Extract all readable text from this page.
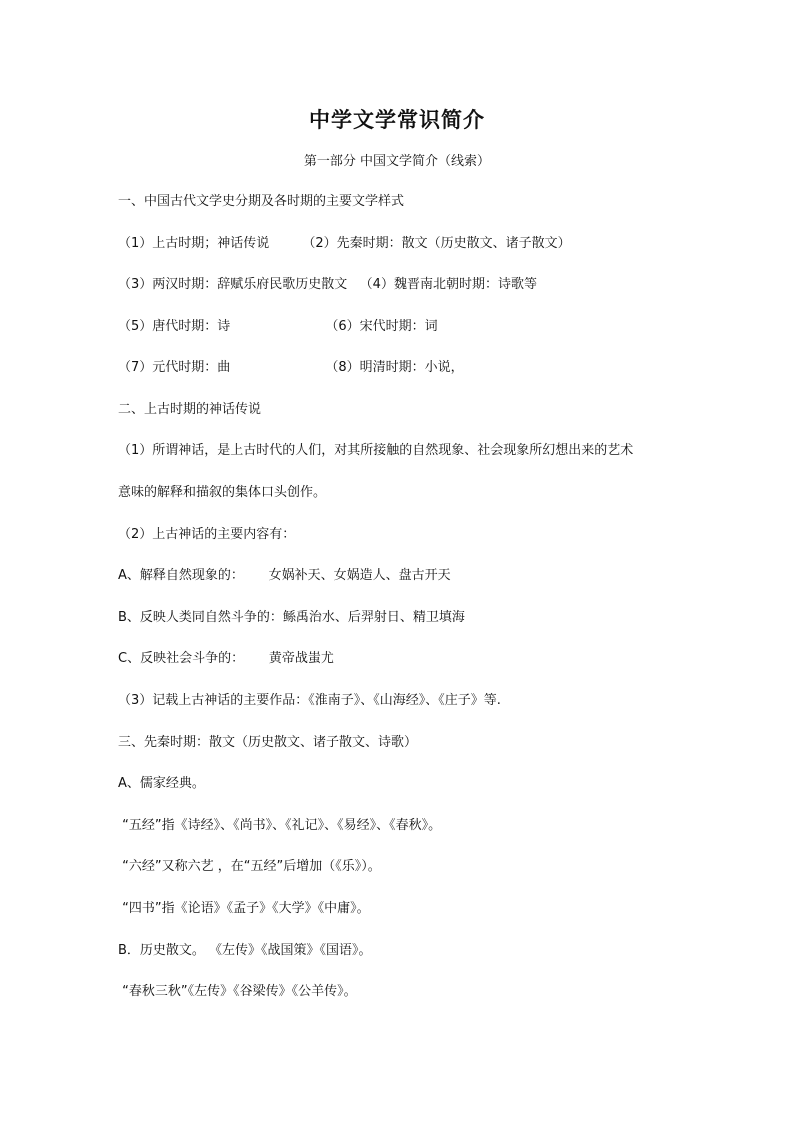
中学文学常识简介
第一部分 中国文学简介（线索）
一、中国古代文学史分期及各时期的主要文学样式
（1）上古时期；神话传说        （2）先秦时期：散文（历史散文、诸子散文）
（3）两汉时期：辞赋乐府民歌历史散文   （4）魏晋南北朝时期：诗歌等
（5）唐代时期：诗                       （6）宋代时期：词
（7）元代时期：曲                       （8）明清时期：小说，
二、上古时期的神话传说
（1）所谓神话，是上古时代的人们，对其所接触的自然现象、社会现象所幻想出来的艺术
意味的解释和描叙的集体口头创作。
（2）上古神话的主要内容有：
A、解释自然现象的：      女娲补天、女娲造人、盘古开天
B、反映人类同自然斗争的：鲧禹治水、后羿射日、精卫填海
C、反映社会斗争的：      黄帝战蚩尤
（3）记载上古神话的主要作品：《淮南子》、《山海经》、《庄子》等.
三、先秦时期：散文（历史散文、诸子散文、诗歌）
A、儒家经典。
“五经”指《诗经》、《尚书》、《礼记》、《易经》、《春秋》。
“六经”又称六艺 ，在“五经”后增加（《乐》）。
“四书”指《论语》《孟子》《大学》《中庸》。
B．历史散文。 《左传》《战国策》《国语》。
“春秋三秋”《左传》《谷梁传》《公羊传》。
